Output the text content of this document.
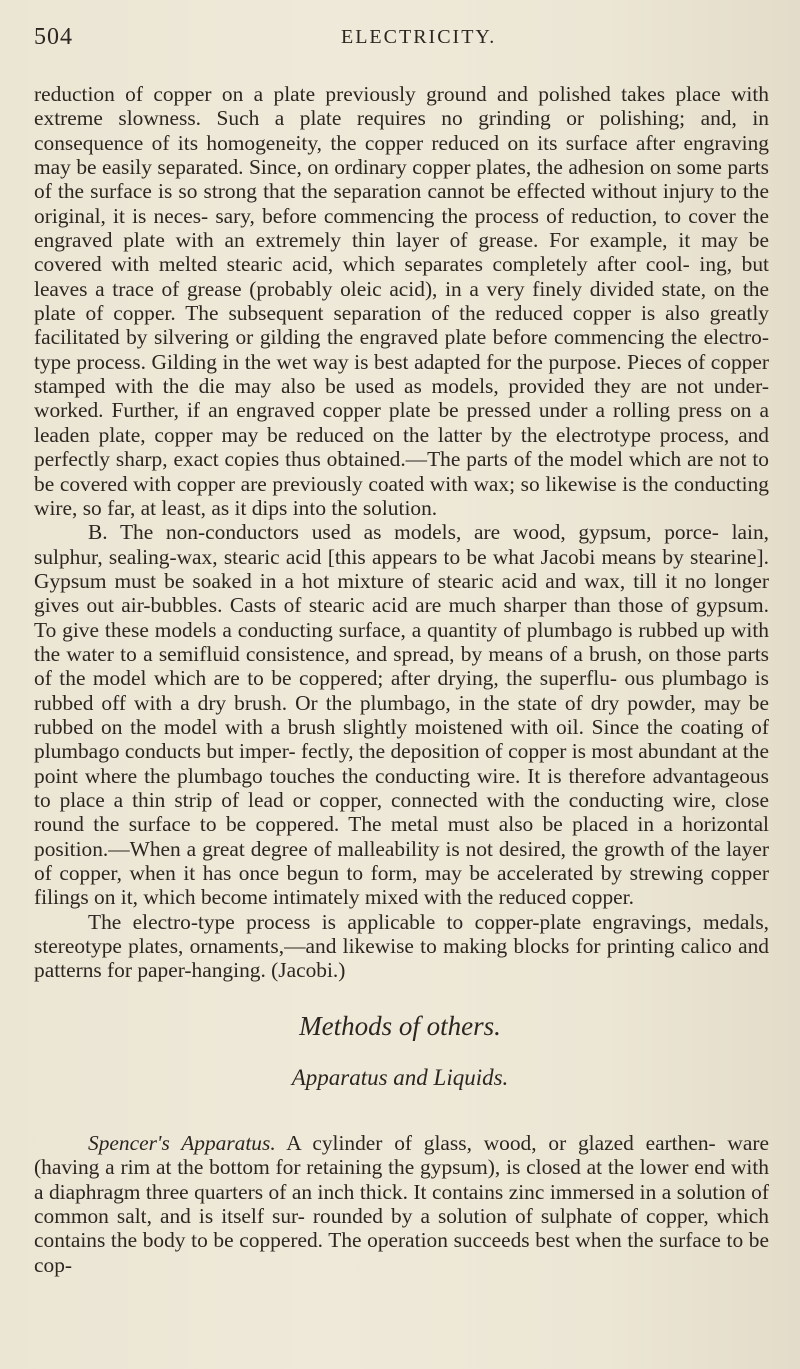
504	ELECTRICITY.

reduction of copper on a plate previously ground and polished takes place with extreme slowness. Such a plate requires no grinding or polishing; and, in consequence of its homogeneity, the copper reduced on its surface after engraving may be easily separated. Since, on ordinary copper plates, the adhesion on some parts of the surface is so strong that the separation cannot be effected without injury to the original, it is neces- sary, before commencing the process of reduction, to cover the engraved plate with an extremely thin layer of grease. For example, it may be covered with melted stearic acid, which separates completely after cool- ing, but leaves a trace of grease (probably oleic acid), in a very finely divided state, on the plate of copper. The subsequent separation of the reduced copper is also greatly facilitated by silvering or gilding the engraved plate before commencing the electro-type process. Gilding in the wet way is best adapted for the purpose. Pieces of copper stamped with the die may also be used as models, provided they are not under- worked. Further, if an engraved copper plate be pressed under a rolling press on a leaden plate, copper may be reduced on the latter by the electrotype process, and perfectly sharp, exact copies thus obtained.—The parts of the model which are not to be covered with copper are previously coated with wax; so likewise is the conducting wire, so far, at least, as it dips into the solution.

B. The non-conductors used as models, are wood, gypsum, porce- lain, sulphur, sealing-wax, stearic acid [this appears to be what Jacobi means by stearine]. Gypsum must be soaked in a hot mixture of stearic acid and wax, till it no longer gives out air-bubbles. Casts of stearic acid are much sharper than those of gypsum. To give these models a conducting surface, a quantity of plumbago is rubbed up with the water to a semifluid consistence, and spread, by means of a brush, on those parts of the model which are to be coppered; after drying, the superflu- ous plumbago is rubbed off with a dry brush. Or the plumbago, in the state of dry powder, may be rubbed on the model with a brush slightly moistened with oil. Since the coating of plumbago conducts but imper- fectly, the deposition of copper is most abundant at the point where the plumbago touches the conducting wire. It is therefore advantageous to place a thin strip of lead or copper, connected with the conducting wire, close round the surface to be coppered. The metal must also be placed in a horizontal position.—When a great degree of malleability is not desired, the growth of the layer of copper, when it has once begun to form, may be accelerated by strewing copper filings on it, which become intimately mixed with the reduced copper.

The electro-type process is applicable to copper-plate engravings, medals, stereotype plates, ornaments,—and likewise to making blocks for printing calico and patterns for paper-hanging. (Jacobi.)

Methods of others.
Apparatus and Liquids.

Spencer's Apparatus. A cylinder of glass, wood, or glazed earthen- ware (having a rim at the bottom for retaining the gypsum), is closed at the lower end with a diaphragm three quarters of an inch thick. It contains zinc immersed in a solution of common salt, and is itself sur- rounded by a solution of sulphate of copper, which contains the body to be coppered. The operation succeeds best when the surface to be cop-
